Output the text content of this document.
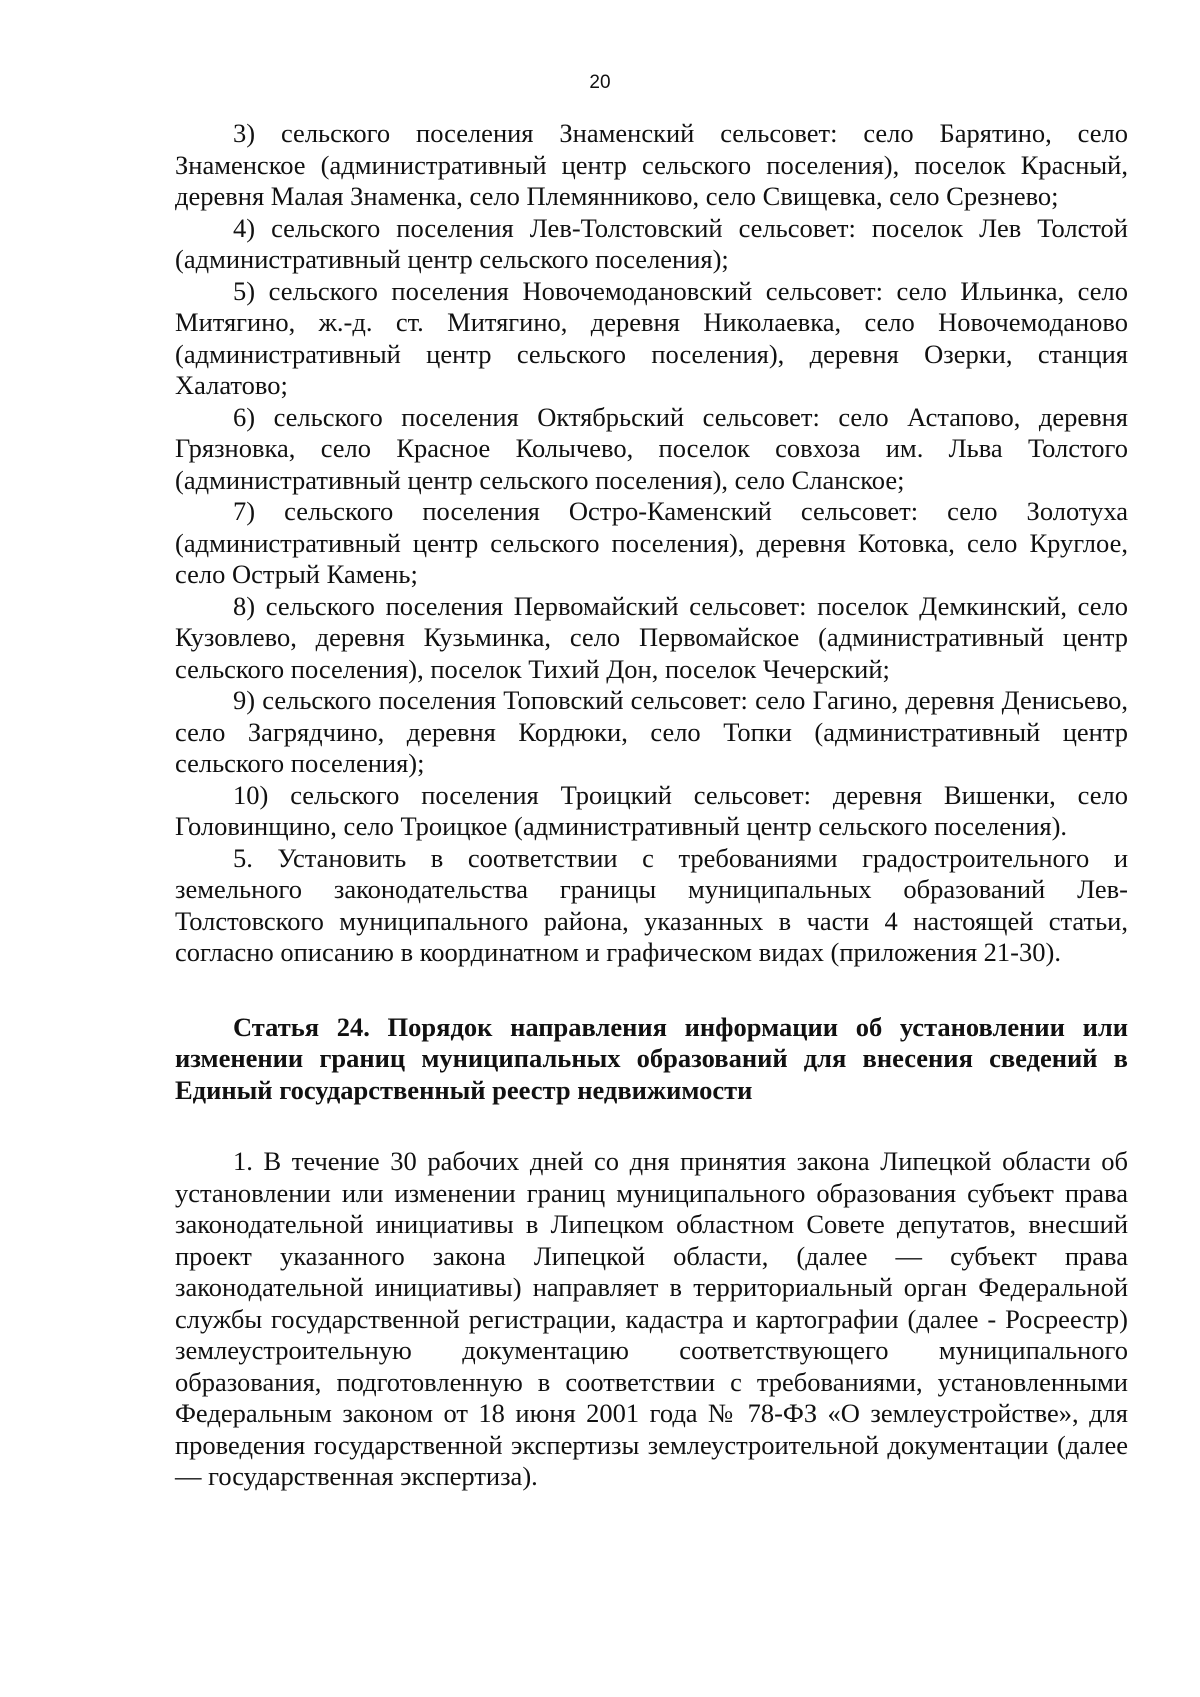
20

3) сельского поселения Знаменский сельсовет: село Барятино, село Знаменское (административный центр сельского поселения), поселок Красный, деревня Малая Знаменка, село Племянниково, село Свищевка, село Срезнево;

4) сельского поселения Лев-Толстовский сельсовет: поселок Лев Толстой (административный центр сельского поселения);

5) сельского поселения Новочемодановский сельсовет: село Ильинка, село Митягино, ж.-д. ст. Митягино, деревня Николаевка, село Новочемоданово (административный центр сельского поселения), деревня Озерки, станция Халатово;

6) сельского поселения Октябрьский сельсовет: село Астапово, деревня Грязновка, село Красное Колычево, поселок совхоза им. Льва Толстого (административный центр сельского поселения), село Сланское;

7) сельского поселения Остро-Каменский сельсовет: село Золотуха (административный центр сельского поселения), деревня Котовка, село Круглое, село Острый Камень;

8) сельского поселения Первомайский сельсовет: поселок Демкинский, село Кузовлево, деревня Кузьминка, село Первомайское (административный центр сельского поселения), поселок Тихий Дон, поселок Чечерский;

9) сельского поселения Топовский сельсовет: село Гагино, деревня Денисьево, село Загрядчино, деревня Кордюки, село Топки (административный центр сельского поселения);

10) сельского поселения Троицкий сельсовет: деревня Вишенки, село Головинщино, село Троицкое (административный центр сельского поселения).

5. Установить в соответствии с требованиями градостроительного и земельного законодательства границы муниципальных образований Лев-Толстовского муниципального района, указанных в части 4 настоящей статьи, согласно описанию в координатном и графическом видах (приложения 21-30).

Статья 24. Порядок направления информации об установлении или изменении границ муниципальных образований для внесения сведений в Единый государственный реестр недвижимости

1. В течение 30 рабочих дней со дня принятия закона Липецкой области об установлении или изменении границ муниципального образования субъект права законодательной инициативы в Липецком областном Совете депутатов, внесший проект указанного закона Липецкой области, (далее — субъект права законодательной инициативы) направляет в территориальный орган Федеральной службы государственной регистрации, кадастра и картографии (далее - Росреестр) землеустроительную документацию соответствующего муниципального образования, подготовленную в соответствии с требованиями, установленными Федеральным законом от 18 июня 2001 года № 78-ФЗ «О землеустройстве», для проведения государственной экспертизы землеустроительной документации (далее — государственная экспертиза).
